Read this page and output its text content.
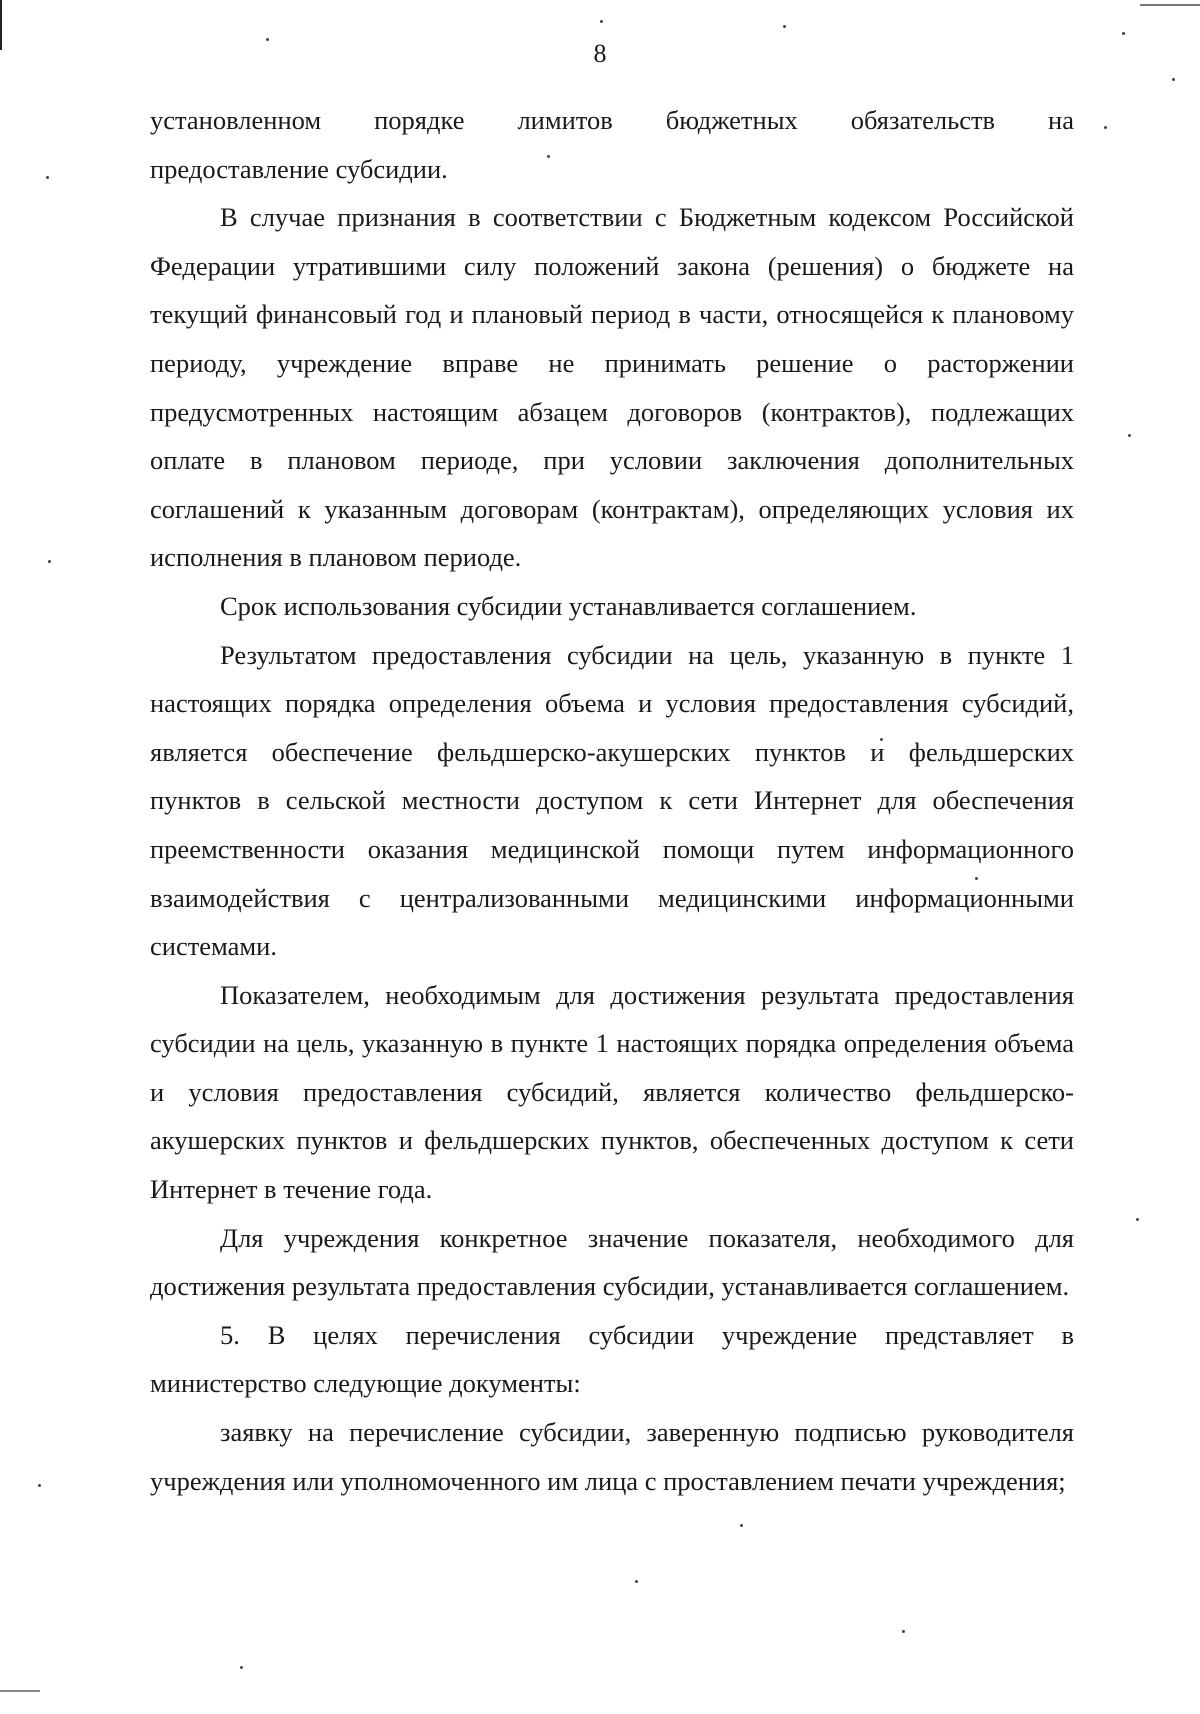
8

установленном порядке лимитов бюджетных обязательств на

предоставление субсидии.

В случае признания в соответствии с Бюджетным кодексом Российской Федерации утратившими силу положений закона (решения) о бюджете на текущий финансовый год и плановый период в части, относящейся к плановому периоду, учреждение вправе не принимать решение о расторжении предусмотренных настоящим абзацем договоров (контрактов), подлежащих оплате в плановом периоде, при условии заключения дополнительных соглашений к указанным договорам (контрактам), определяющих условия их исполнения в плановом периоде.

Срок использования субсидии устанавливается соглашением.

Результатом предоставления субсидии на цель, указанную в пункте 1 настоящих порядка определения объема и условия предоставления субсидий, является обеспечение фельдшерско-акушерских пунктов и фельдшерских пунктов в сельской местности доступом к сети Интернет для обеспечения преемственности оказания медицинской помощи путем информационного взаимодействия с централизованными медицинскими информационными системами.

Показателем, необходимым для достижения результата предоставления субсидии на цель, указанную в пункте 1 настоящих порядка определения объема и условия предоставления субсидий, является количество фельдшерско-акушерских пунктов и фельдшерских пунктов, обеспеченных доступом к сети Интернет в течение года.

Для учреждения конкретное значение показателя, необходимого для достижения результата предоставления субсидии, устанавливается соглашением.

5. В целях перечисления субсидии учреждение представляет в министерство следующие документы:

заявку на перечисление субсидии, заверенную подписью руководителя учреждения или уполномоченного им лица с проставлением печати учреждения;
